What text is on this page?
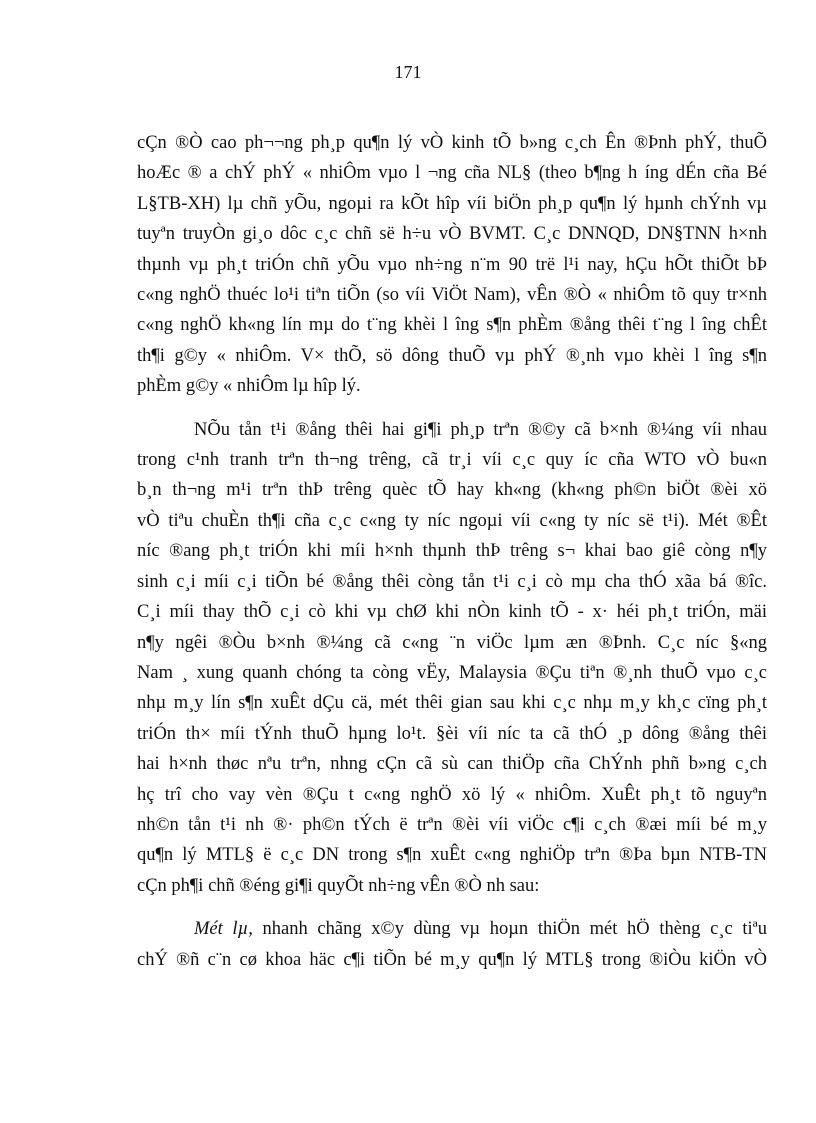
171

cÇn ®Ò cao ph¬¬ng ph¸p qu¶n lý vÒ kinh tÕ b»ng c¸ch Ên ®Þnh phÝ, thuÕ
hoÆc ® a chÝ phÝ « nhiÔm vµo l ¬ng cña NL§ (theo b¶ng h íng dÉn cña Bé
L§TB-XH) lµ chñ yÕu, ngoµi ra kÕt hîp víi biÖn ph¸p qu¶n lý hµnh chÝnh vµ
tuyªn truyÒn gi¸o dôc c¸c chñ së h÷u vÒ BVMT. C¸c DNNQD, DN§TNN h×nh
thµnh vµ ph¸t triÓn chñ yÕu vµo nh÷ng n¨m 90 trë l¹i nay, hÇu hÕt thiÕt bÞ
c«ng nghÖ thuéc lo¹i tiªn tiÕn (so víi ViÖt Nam), vÊn ®Ò « nhiÔm tõ quy tr×nh
c«ng nghÖ kh«ng lín mµ do t¨ng khèi l îng s¶n phÈm ®ång thêi t¨ng l îng chÊt
th¶i g©y « nhiÔm. V× thÕ, sö dông thuÕ vµ phÝ ®¸nh vµo khèi l îng s¶n
phÈm g©y « nhiÔm lµ hîp lý.

NÕu tån t¹i ®ång thêi hai gi¶i ph¸p trªn ®©y cã b×nh ®¼ng víi nhau
trong c¹nh tranh trªn th¬ng trêng, cã tr¸i víi c¸c quy íc cña WTO vÒ bu«n
b¸n th¬ng m¹i trªn thÞ trêng quèc tÕ hay kh«ng (kh«ng ph©n biÖt ®èi xö
vÒ tiªu chuÈn th¶i cña c¸c c«ng ty níc ngoµi víi c«ng ty níc së t¹i). Mét ®Êt
níc ®ang ph¸t triÓn khi míi h×nh thµnh thÞ trêng s¬ khai bao giê còng n¶y
sinh c¸i míi c¸i tiÕn bé ®ång thêi còng tån t¹i c¸i cò mµ cha thÓ xãa bá ®îc.
C¸i míi thay thÕ c¸i cò khi vµ chØ khi nÒn kinh tÕ - x· héi ph¸t triÓn, mäi
n¶y ngêi ®Òu b×nh ®¼ng cã c«ng ¨n viÖc lµm æn ®Þnh. C¸c níc §«ng
Nam ¸ xung quanh chóng ta còng vËy, Malaysia ®Çu tiªn ®¸nh thuÕ vµo c¸c
nhµ m¸y lín s¶n xuÊt dÇu cä, mét thêi gian sau khi c¸c nhµ m¸y kh¸c cïng ph¸t
triÓn th× míi tÝnh thuÕ hµng lo¹t. §èi víi níc ta cã thÓ ¸p dông ®ång thêi
hai h×nh thøc nªu trªn, nhng cÇn cã sù can thiÖp cña ChÝnh phñ b»ng c¸ch
hç trî cho vay vèn ®Çu t c«ng nghÖ xö lý « nhiÔm. XuÊt ph¸t tõ nguyªn
nh©n tån t¹i nh ®· ph©n tÝch ë trªn ®èi víi viÖc c¶i c¸ch ®æi míi bé m¸y
qu¶n lý MTL§ ë c¸c DN trong s¶n xuÊt c«ng nghiÖp trªn ®Þa bµn NTB-TN
cÇn ph¶i chñ ®éng gi¶i quyÕt nh÷ng vÊn ®Ò nh sau:

Mét lµ, nhanh chãng x©y dùng vµ hoµn thiÖn mét hÖ thèng c¸c tiªu
chÝ ®ñ c¨n cø khoa häc c¶i tiÕn bé m¸y qu¶n lý MTL§ trong ®iÒu kiÖn vÒ
